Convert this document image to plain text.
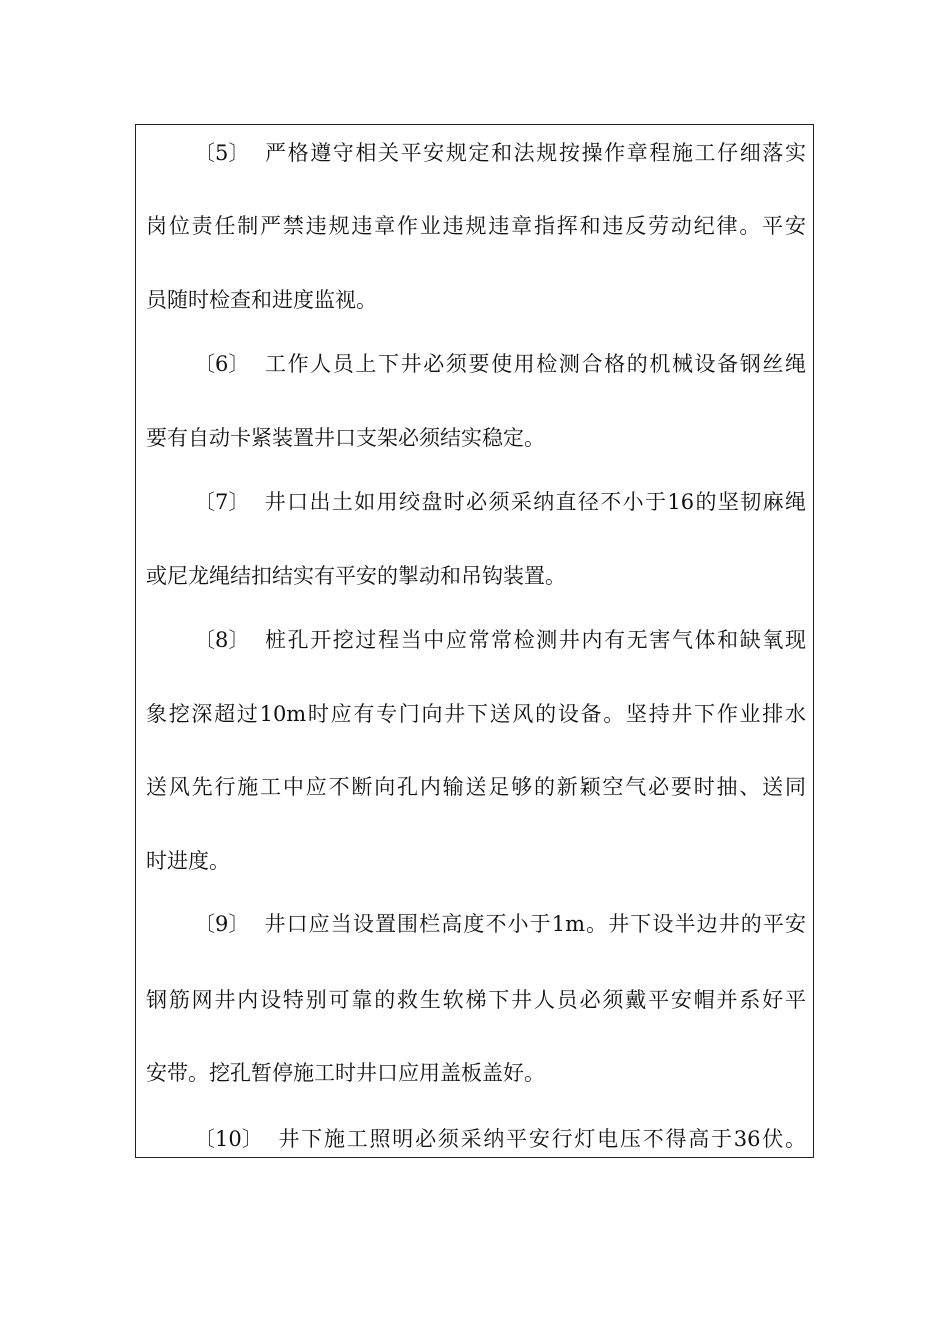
〔5〕 严格遵守相关平安规定和法规按操作章程施工仔细落实
岗位责任制严禁违规违章作业违规违章指挥和违反劳动纪律。平安
员随时检查和进度监视。
〔6〕 工作人员上下井必须要使用检测合格的机械设备钢丝绳
要有自动卡紧装置井口支架必须结实稳定。
〔7〕 井口出土如用绞盘时必须采纳直径不小于16的坚韧麻绳
或尼龙绳结扣结实有平安的掣动和吊钩装置。
〔8〕 桩孔开挖过程当中应常常检测井内有无害气体和缺氧现
象挖深超过10m时应有专门向井下送风的设备。坚持井下作业排水
送风先行施工中应不断向孔内输送足够的新颖空气必要时抽、送同
时进度。
〔9〕 井口应当设置围栏高度不小于1m。井下设半边井的平安
钢筋网井内设特别可靠的救生软梯下井人员必须戴平安帽并系好平
安带。挖孔暂停施工时井口应用盖板盖好。
〔10〕 井下施工照明必须采纳平安行灯电压不得高于36伏。
